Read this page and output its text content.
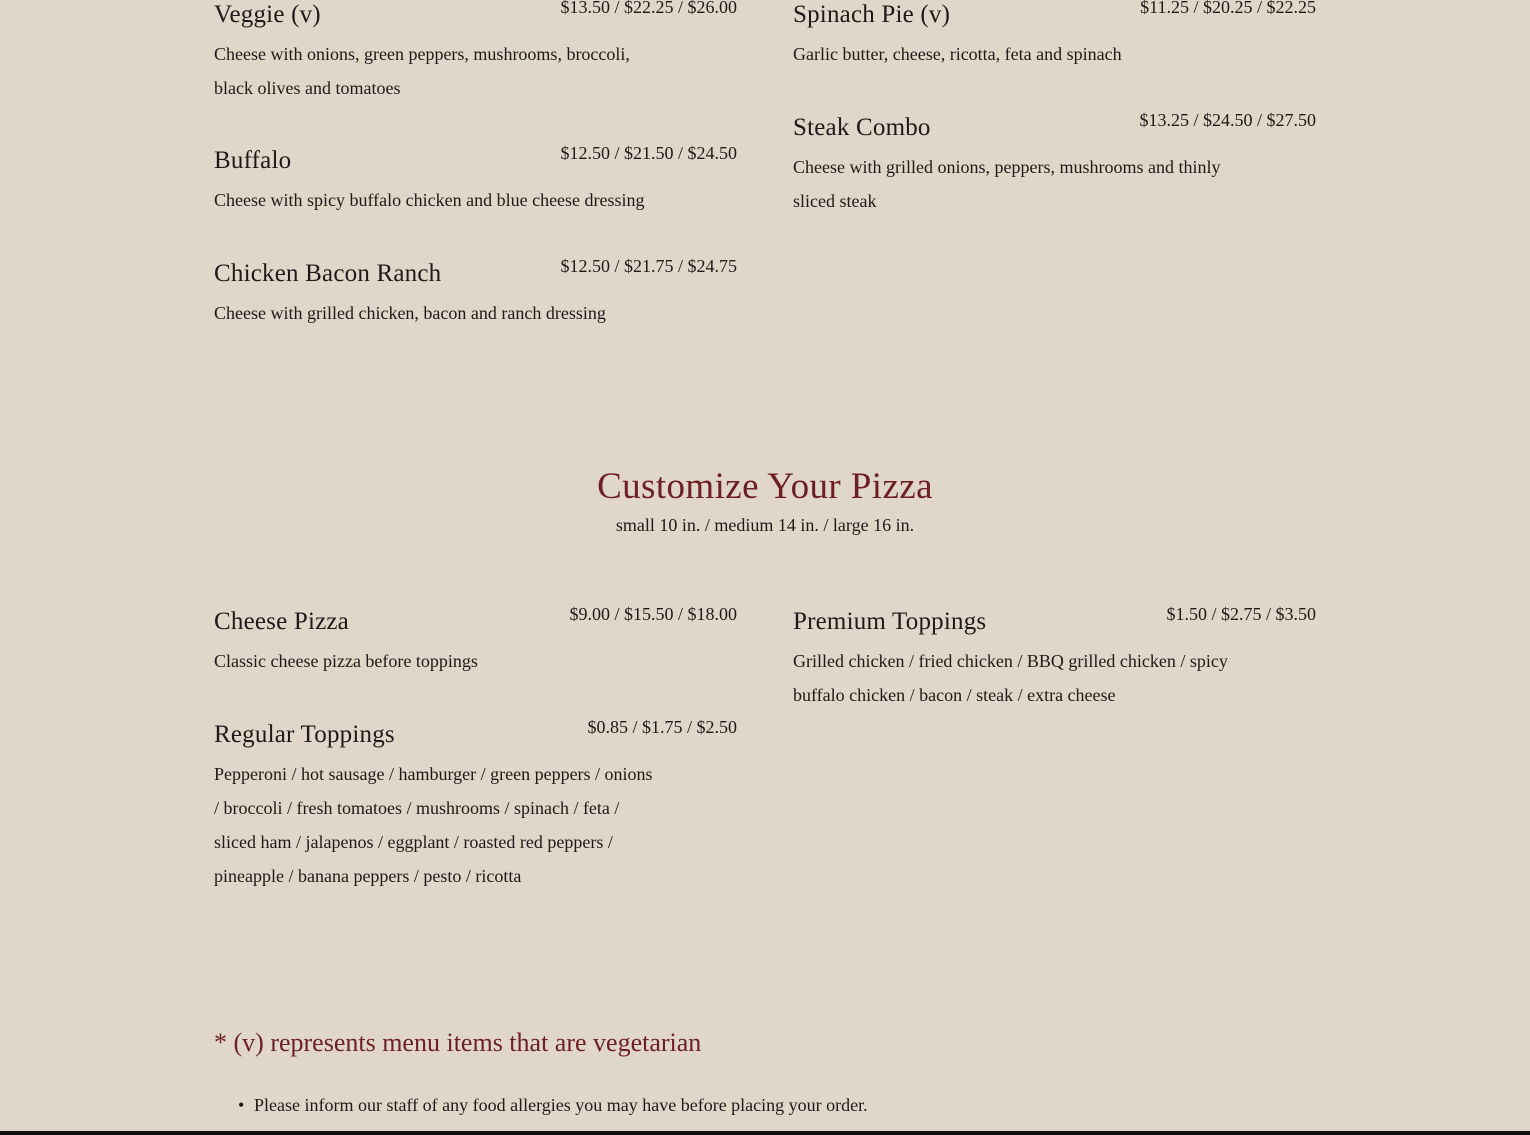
Veggie (v)	$13.50 / $22.25 / $26.00
Cheese with onions, green peppers, mushrooms, broccoli,
black olives and tomatoes
Buffalo	$12.50 / $21.50 / $24.50
Cheese with spicy buffalo chicken and blue cheese dressing
Chicken Bacon Ranch	$12.50 / $21.75 / $24.75
Cheese with grilled chicken, bacon and ranch dressing
Spinach Pie (v)	$11.25 / $20.25 / $22.25
Garlic butter, cheese, ricotta, feta and spinach
Steak Combo	$13.25 / $24.50 / $27.50
Cheese with grilled onions, peppers, mushrooms and thinly
sliced steak
Customize Your Pizza
small 10 in. / medium 14 in. / large 16 in.
Cheese Pizza	$9.00 / $15.50 / $18.00
Classic cheese pizza before toppings
Regular Toppings	$0.85 / $1.75 / $2.50
Pepperoni / hot sausage / hamburger / green peppers / onions
/ broccoli / fresh tomatoes / mushrooms / spinach / feta /
sliced ham / jalapenos / eggplant / roasted red peppers /
pineapple / banana peppers / pesto / ricotta
Premium Toppings	$1.50 / $2.75 / $3.50
Grilled chicken / fried chicken / BBQ grilled chicken / spicy
buffalo chicken / bacon / steak / extra cheese
* (v) represents menu items that are vegetarian
• Please inform our staff of any food allergies you may have before placing your order.
